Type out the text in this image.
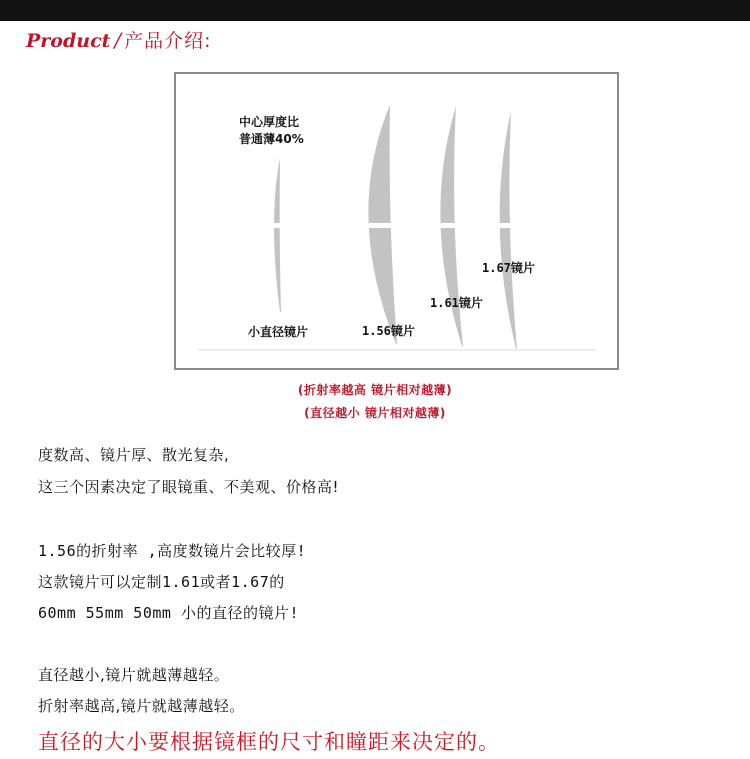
Product / 产品介绍:
中心厚度比
普通薄40%
小直径镜片	1.56镜片
1.61镜片
1.67镜片
(折射率越高 镜片相对越薄)
(直径越小 镜片相对越薄)
度数高、镜片厚、散光复杂,
这三个因素决定了眼镜重、不美观、价格高!
1.56的折射率 ,高度数镜片会比较厚!
这款镜片可以定制1.61或者1.67的
60mm 55mm 50mm 小的直径的镜片!
直径越小,镜片就越薄越轻。
折射率越高,镜片就越薄越轻。
直径的大小要根据镜框的尺寸和瞳距来决定的。
